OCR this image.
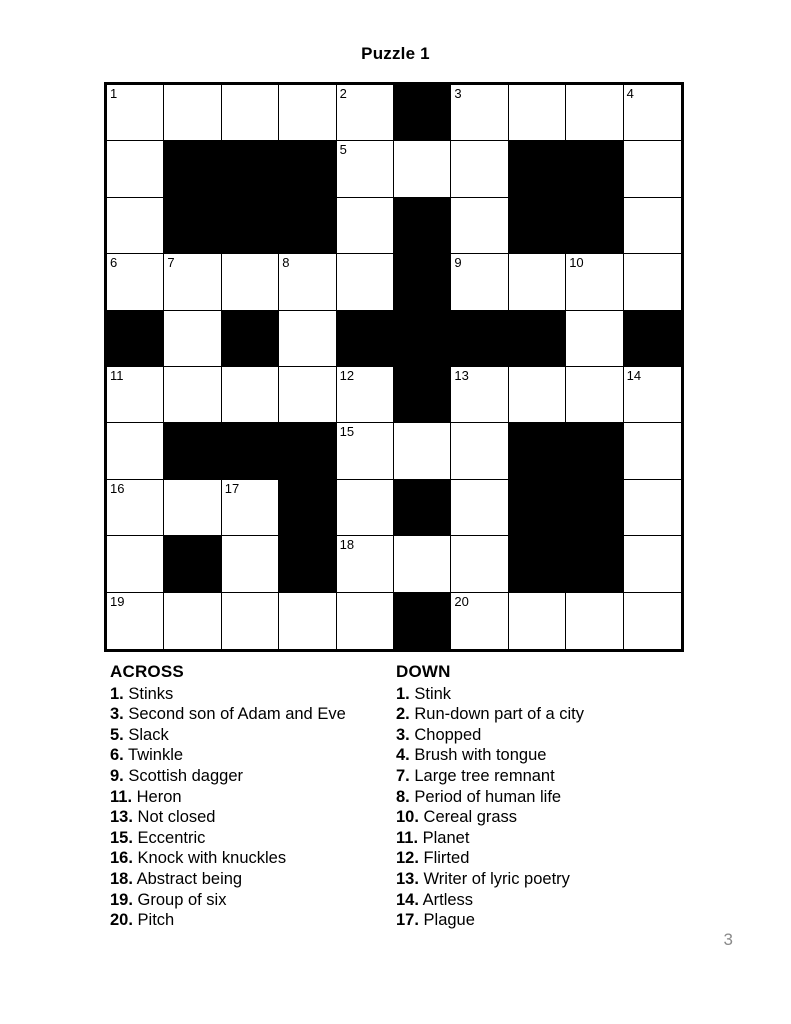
Puzzle 1
1	2	3	4
5
6	7	8	9	10
11	12	13	14
15
16	17
18
19	20
ACROSS
1. Stinks
3. Second son of Adam and Eve
5. Slack
6. Twinkle
9. Scottish dagger
11. Heron
13. Not closed
15. Eccentric
16. Knock with knuckles
18. Abstract being
19. Group of six
20. Pitch
DOWN
1. Stink
2. Run-down part of a city
3. Chopped
4. Brush with tongue
7. Large tree remnant
8. Period of human life
10. Cereal grass
11. Planet
12. Flirted
13. Writer of lyric poetry
14. Artless
17. Plague
3
